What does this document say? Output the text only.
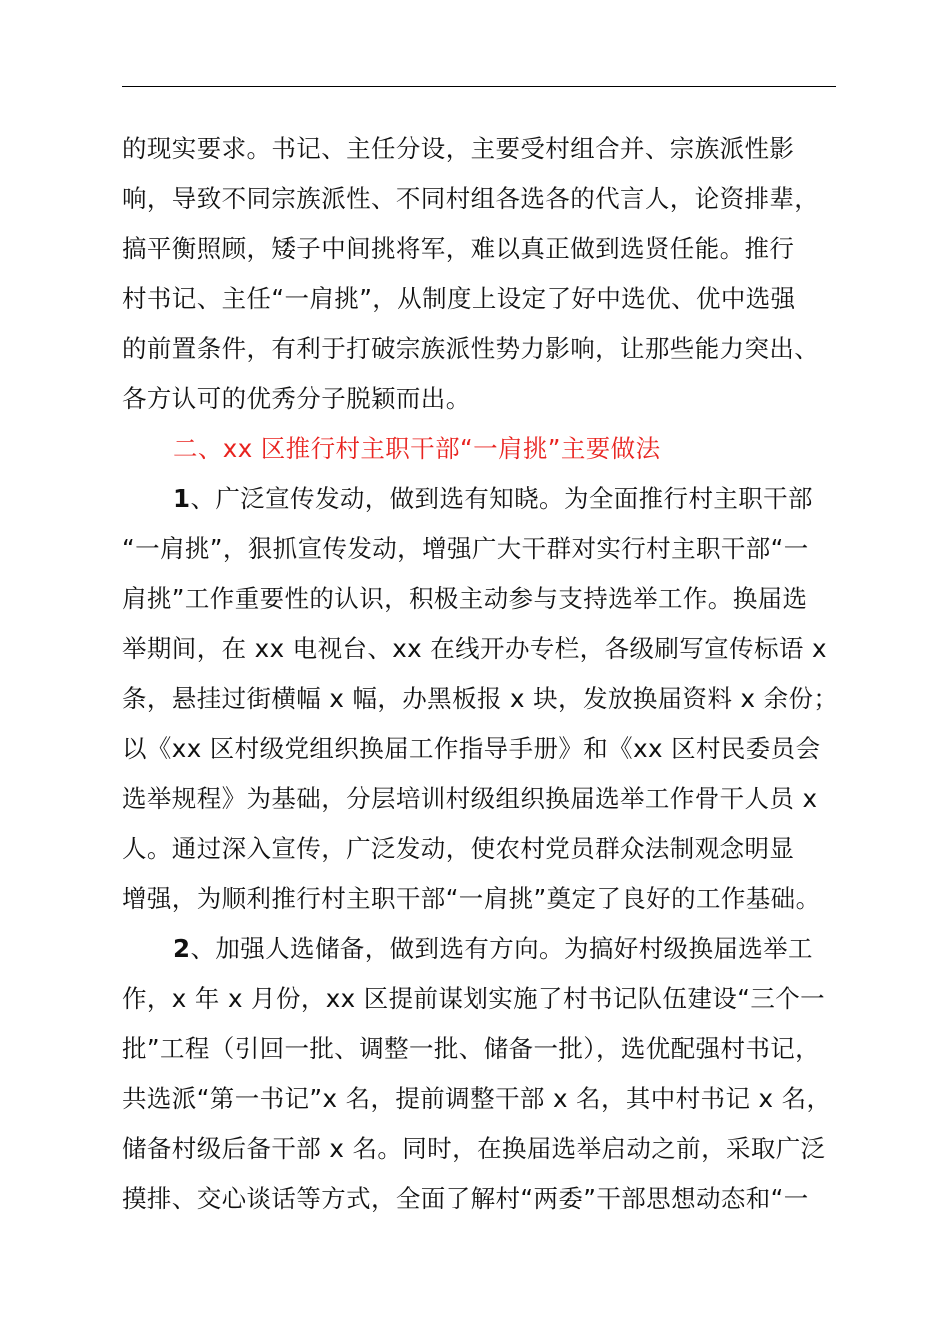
的现实要求。书记、主任分设，主要受村组合并、宗族派性影
响，导致不同宗族派性、不同村组各选各的代言人，论资排辈，
搞平衡照顾，矮子中间挑将军，难以真正做到选贤任能。推行
村书记、主任“一肩挑”，从制度上设定了好中选优、优中选强
的前置条件，有利于打破宗族派性势力影响，让那些能力突出、
各方认可的优秀分子脱颖而出。
二、xx 区推行村主职干部“一肩挑”主要做法
1、广泛宣传发动，做到选有知晓。为全面推行村主职干部
“一肩挑”，狠抓宣传发动，增强广大干群对实行村主职干部“一
肩挑”工作重要性的认识，积极主动参与支持选举工作。换届选
举期间，在 xx 电视台、xx 在线开办专栏，各级刷写宣传标语 x
条，悬挂过街横幅 x 幅，办黑板报 x 块，发放换届资料 x 余份；
以《xx 区村级党组织换届工作指导手册》和《xx 区村民委员会
选举规程》为基础，分层培训村级组织换届选举工作骨干人员 x
人。通过深入宣传，广泛发动，使农村党员群众法制观念明显
增强，为顺利推行村主职干部“一肩挑”奠定了良好的工作基础。
2、加强人选储备，做到选有方向。为搞好村级换届选举工
作，x 年 x 月份，xx 区提前谋划实施了村书记队伍建设“三个一
批”工程（引回一批、调整一批、储备一批），选优配强村书记，
共选派“第一书记”x 名，提前调整干部 x 名，其中村书记 x 名，
储备村级后备干部 x 名。同时，在换届选举启动之前，采取广泛
摸排、交心谈话等方式，全面了解村“两委”干部思想动态和“一
